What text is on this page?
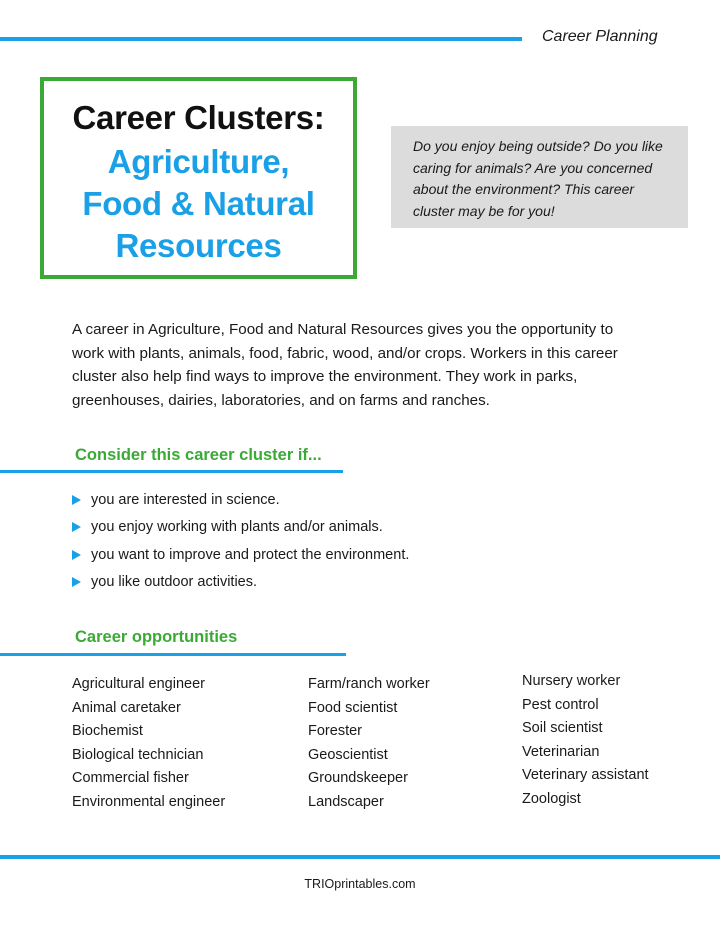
Career Planning
Career Clusters:
Agriculture,
Food & Natural
Resources
Do you enjoy being outside? Do you like caring for animals? Are you concerned about the environment? This career cluster may be for you!
A career in Agriculture, Food and Natural Resources gives you the opportunity to work with plants, animals, food, fabric, wood, and/or crops. Workers in this career cluster also help find ways to improve the environment. They work in parks, greenhouses, dairies, laboratories, and on farms and ranches.
Consider this career cluster if...
you are interested in science.
you enjoy working with plants and/or animals.
you want to improve and protect the environment.
you like outdoor activities.
Career opportunities
Agricultural engineer
Animal caretaker
Biochemist
Biological technician
Commercial fisher
Environmental engineer
Farm/ranch worker
Food scientist
Forester
Geoscientist
Groundskeeper
Landscaper
Nursery worker
Pest control
Soil scientist
Veterinarian
Veterinary assistant
Zoologist
TRIOprintables.com
